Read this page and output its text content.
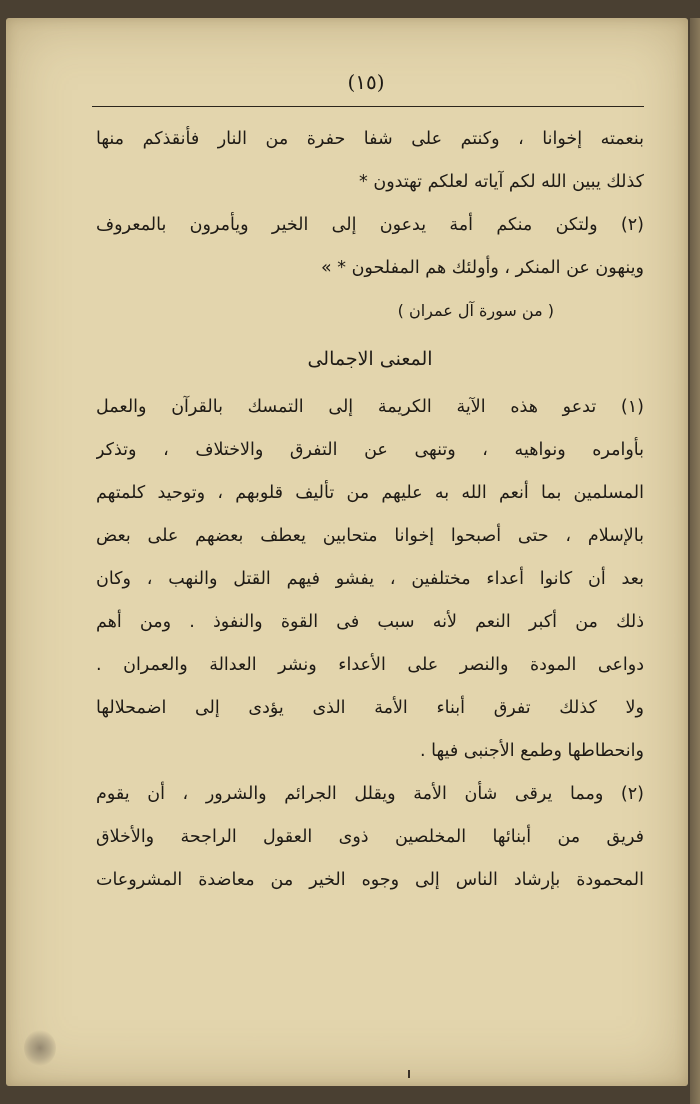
(١٥)
بنعمته إخوانا ، وكنتم على شفا حفرة من النار فأنقذكم منها
كذلك يبين الله لكم آياته لعلكم تهتدون *
(٢) ولتكن منكم أمة يدعون إلى الخير ويأمرون بالمعروف
وينهون عن المنكر ، وأولئك هم المفلحون * »
( من سورة آل عمران )
المعنى الاجمالى
(١) تدعو هذه الآية الكريمة إلى التمسك بالقرآن والعمل
بأوامره ونواهيه ، وتنهى عن التفرق والاختلاف ، وتذكر
المسلمين بما أنعم الله به عليهم من تأليف قلوبهم ، وتوحيد كلمتهم
بالإسلام ، حتى أصبحوا إخوانا متحابين يعطف بعضهم على بعض
بعد أن كانوا أعداء مختلفين ، يفشو فيهم القتل والنهب ، وكان
ذلك من أكبر النعم لأنه سبب فى القوة والنفوذ . ومن أهم
دواعى المودة والنصر على الأعداء ونشر العدالة والعمران .
ولا كذلك تفرق أبناء الأمة الذى يؤدى إلى اضمحلالها
وانحطاطها وطمع الأجنبى فيها .
(٢) ومما يرقى شأن الأمة ويقلل الجرائم والشرور ، أن يقوم
فريق من أبنائها المخلصين ذوى العقول الراجحة والأخلاق
المحمودة بإرشاد الناس إلى وجوه الخير من معاضدة المشروعات
